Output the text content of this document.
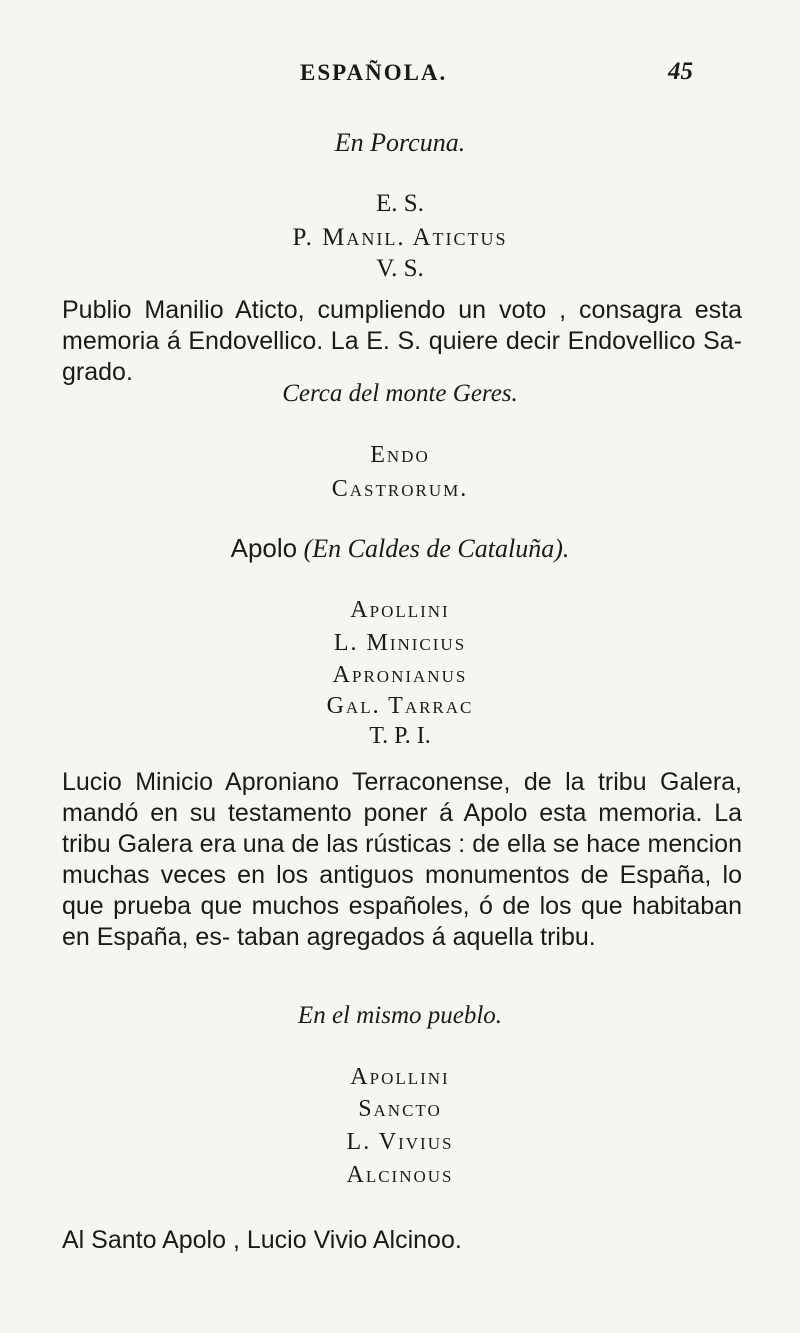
ESPAÑOLA.	45
En Porcuna.
E. S.
P. Manil. Atictus
V. S.

Publio Manilio Aticto, cumpliendo un voto , consagra esta memoria á Endovellico. La E. S. quiere decir Endovellico Sa- grado.

Cerca del monte Geres.
Endo
Castrorum.
Apolo (En Caldes de Cataluña).
Apollini
L. Minicius
Apronianus
Gal. Tarrac
T. P. I.

Lucio Minicio Aproniano Terraconense, de la tribu Galera, mandó en su testamento poner á Apolo esta memoria. La tribu Galera era una de las rústicas : de ella se hace mencion muchas veces en los antiguos monumentos de España, lo que prueba que muchos españoles, ó de los que habitaban en España, es- taban agregados á aquella tribu.

En el mismo pueblo.
Apollini
Sancto
L. Vivius
Alcinous
Al Santo Apolo , Lucio Vivio Alcinoo.
